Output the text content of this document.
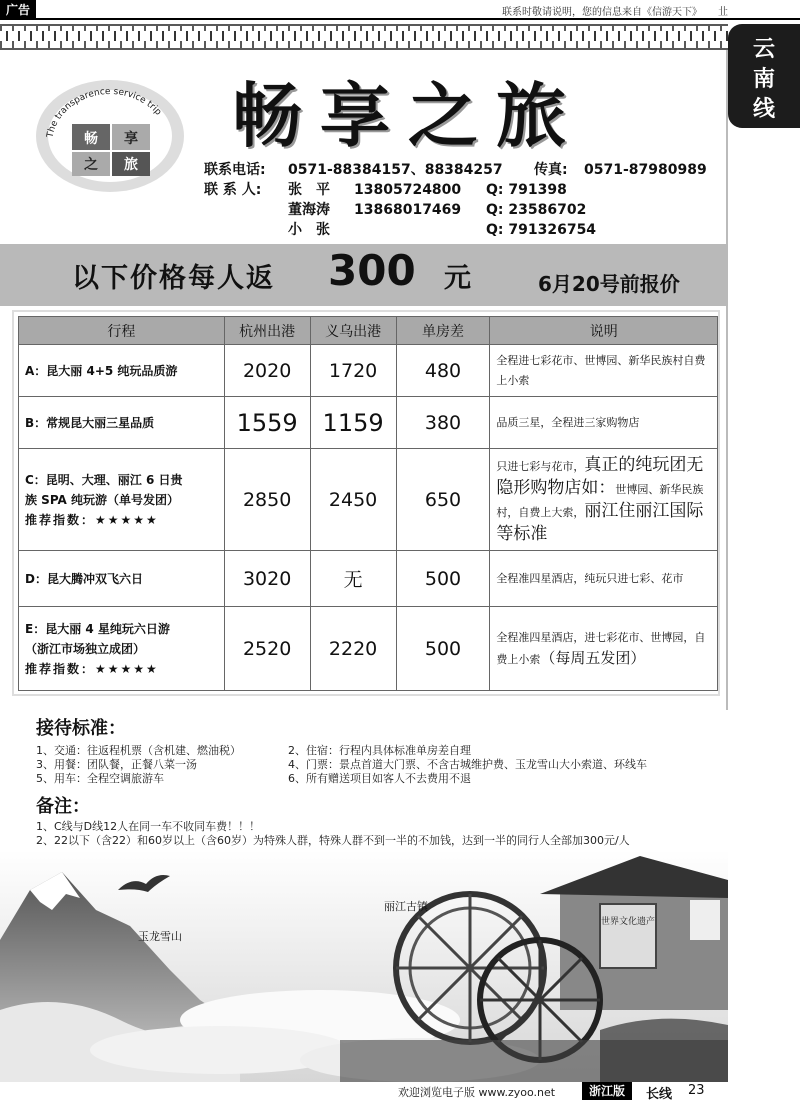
广告	联系时敬请说明，您的信息来自《信游天下》 㐀
云
南
线
The transparence service trip
畅 享
之 旅
畅享之旅
联系电话: 0571-88384157、88384257 传真: 0571-87980989
联 系 人: 张　平 13805724800 Q: 791398
董海涛 13868017469 Q: 23586702
小　张	Q: 791326754
以下价格每人返 300 元	6月20号前报价
行程	杭州出港	义乌出港	单房差	说明
A：昆大丽 4+5 纯玩品质游	2020	1720	480	全程进七彩花市、世博园、新华民族村自费上小索
B：常规昆大丽三星品质	1559	1159	380	品质三星，全程进三家购物店

C：昆明、大理、丽江 6 日贵
族 SPA 纯玩游（单号发团）
推荐指数：★★★★★	2850	2450	650	只进七彩与花市，真正的纯玩团无隐形购物店如：世博园、新华民族村，自费上大索，丽江住丽江国际等标准
D：昆大腾冲双飞六日	3020	无	500	全程准四星酒店，纯玩只进七彩、花市

E：昆大丽 4 星纯玩六日游
（浙江市场独立成团）
推荐指数：★★★★★	2520	2220	500	全程准四星酒店，进七彩花市、世博园，自费上小索（每周五发团）
接待标准：
1、交通：往返程机票（含机建、燃油税）	2、住宿：行程内具体标准单房差自理
3、用餐：团队餐，正餐八菜一汤	4、门票：景点首道大门票、不含古城维护费、玉龙雪山大小索道、环线车
5、用车：全程空调旅游车	6、所有赠送项目如客人不去费用不退
备注：
1、C线与D线12人在同一车不收同车费！！！
2、22以下（含22）和60岁以上（含60岁）为特殊人群，特殊人群不到一半的不加钱，达到一半的同行人全部加300元/人
世界文化遗产
玉龙雪山
丽江古镇
欢迎浏览电子版 www.zyoo.net	浙江版	长线 23
